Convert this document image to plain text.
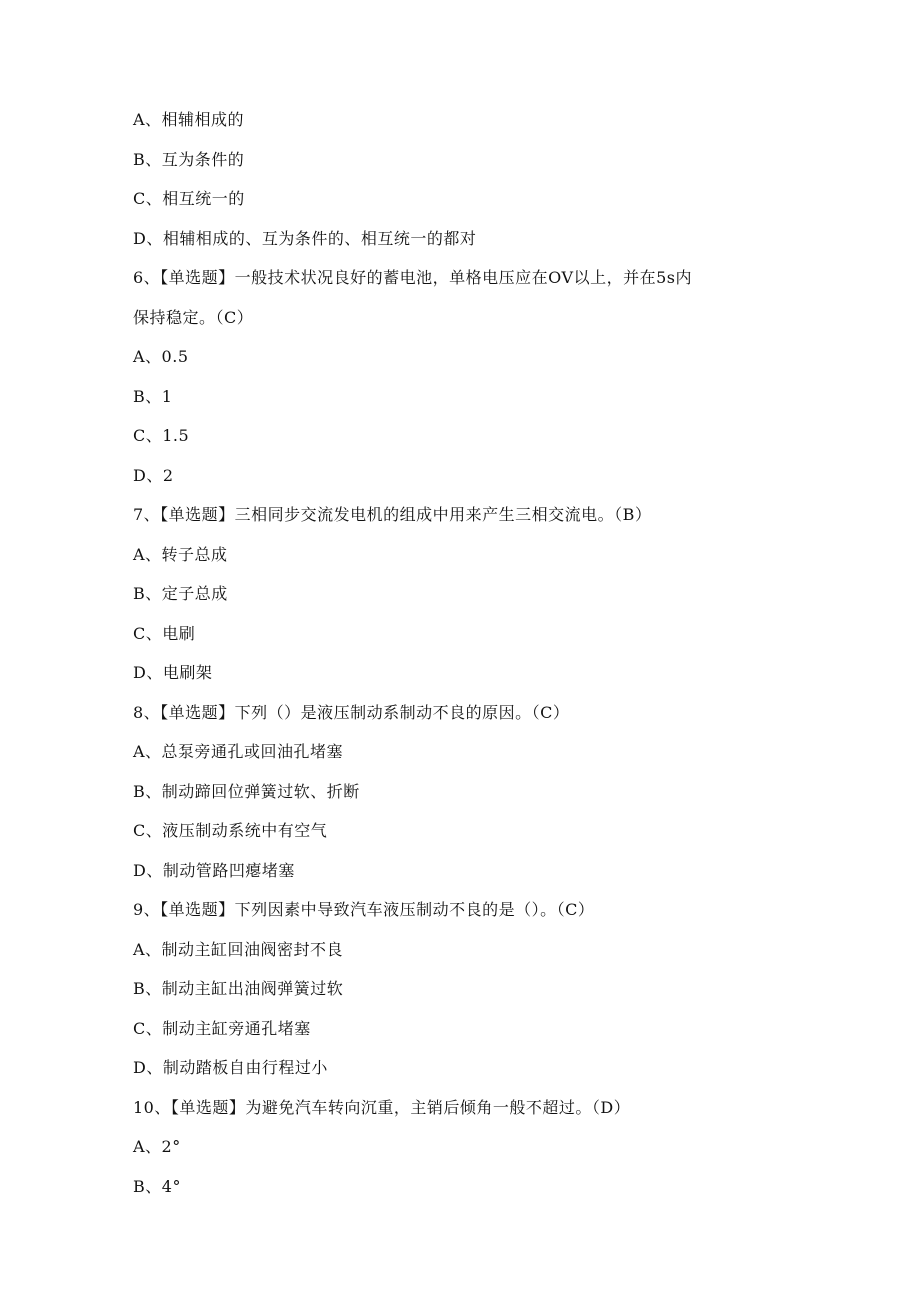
A、相辅相成的
B、互为条件的
C、相互统一的
D、相辅相成的、互为条件的、相互统一的都对
6、【单选题】一般技术状况良好的蓄电池，单格电压应在OV以上，并在5s内
保持稳定。（C）
A、0.5
B、1
C、1.5
D、2
7、【单选题】三相同步交流发电机的组成中用来产生三相交流电。（B）
A、转子总成
B、定子总成
C、电刷
D、电刷架
8、【单选题】下列（）是液压制动系制动不良的原因。（C）
A、总泵旁通孔或回油孔堵塞
B、制动蹄回位弹簧过软、折断
C、液压制动系统中有空气
D、制动管路凹瘪堵塞
9、【单选题】下列因素中导致汽车液压制动不良的是（）。（C）
A、制动主缸回油阀密封不良
B、制动主缸出油阀弹簧过软
C、制动主缸旁通孔堵塞
D、制动踏板自由行程过小
10、【单选题】为避免汽车转向沉重，主销后倾角一般不超过。（D）
A、2°
B、4°
